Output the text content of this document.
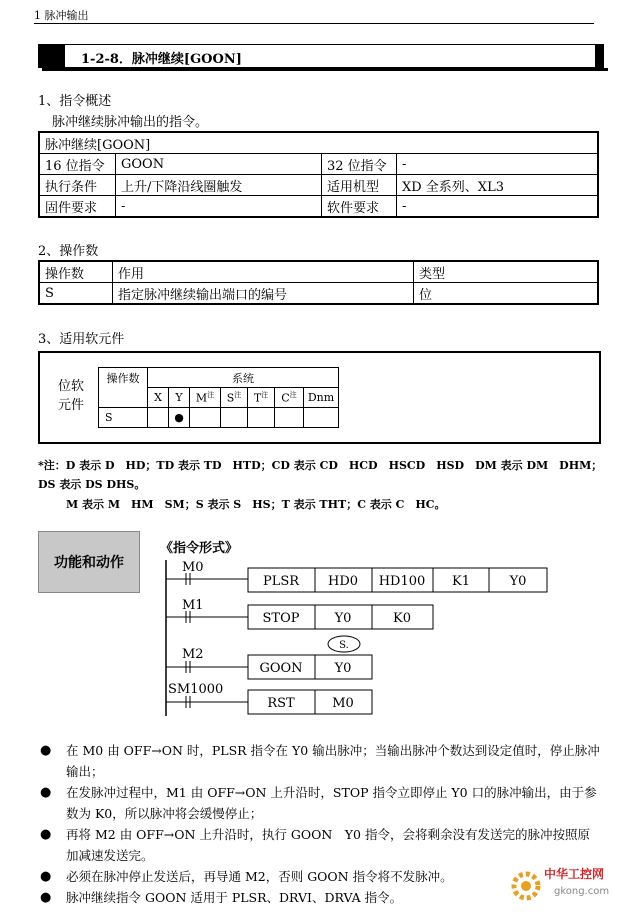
1 脉冲输出
1-2-8．脉冲继续[GOON]
1、指令概述
脉冲继续脉冲输出的指令。
脉冲继续[GOON]			
16 位指令	GOON	32 位指令	-
执行条件	上升/下降沿线圈触发	适用机型	XD 全系列、XL3
固件要求	-	软件要求	-
2、操作数
操作数	作用	类型
S	指定脉冲继续输出端口的编号	位
3、适用软元件
位软
元件
操作数	系统						
	X	Y	$M^注$	$S^注$	$T^注$	$C^注$	Dnm
S		●					
*注：D 表示 D　HD；TD 表示 TD　HTD；CD 表示 CD　HCD　HSCD　HSD　DM 表示 DM　DHM；
DS 表示 DS DHS。
M 表示 M　HM　SM；S 表示 S　HS；T 表示 THT；C 表示 C　HC。
功能和动作
《指令形式》
M0
PLSR HD0 HD100 K1	Y0
M1
STOP	Y0	K0
S.
M2
GOON Y0
SM1000
RST	M0
● 在 M0 由 OFF→ON 时，PLSR 指令在 Y0 输出脉冲；当输出脉冲个数达到设定值时，停止脉冲输出；
● 在发脉冲过程中，M1 由 OFF→ON 上升沿时，STOP 指令立即停止 Y0 口的脉冲输出，由于参数为 K0，所以脉冲将会缓慢停止；
● 再将 M2 由 OFF→ON 上升沿时，执行 GOON　Y0 指令，会将剩余没有发送完的脉冲按照原加减速发送完。
● 必须在脉冲停止发送后，再导通 M2，否则 GOON 指令将不发脉冲。
● 脉冲继续指令 GOON 适用于 PLSR、DRVI、DRVA 指令。
中华工控网
gkong.com
